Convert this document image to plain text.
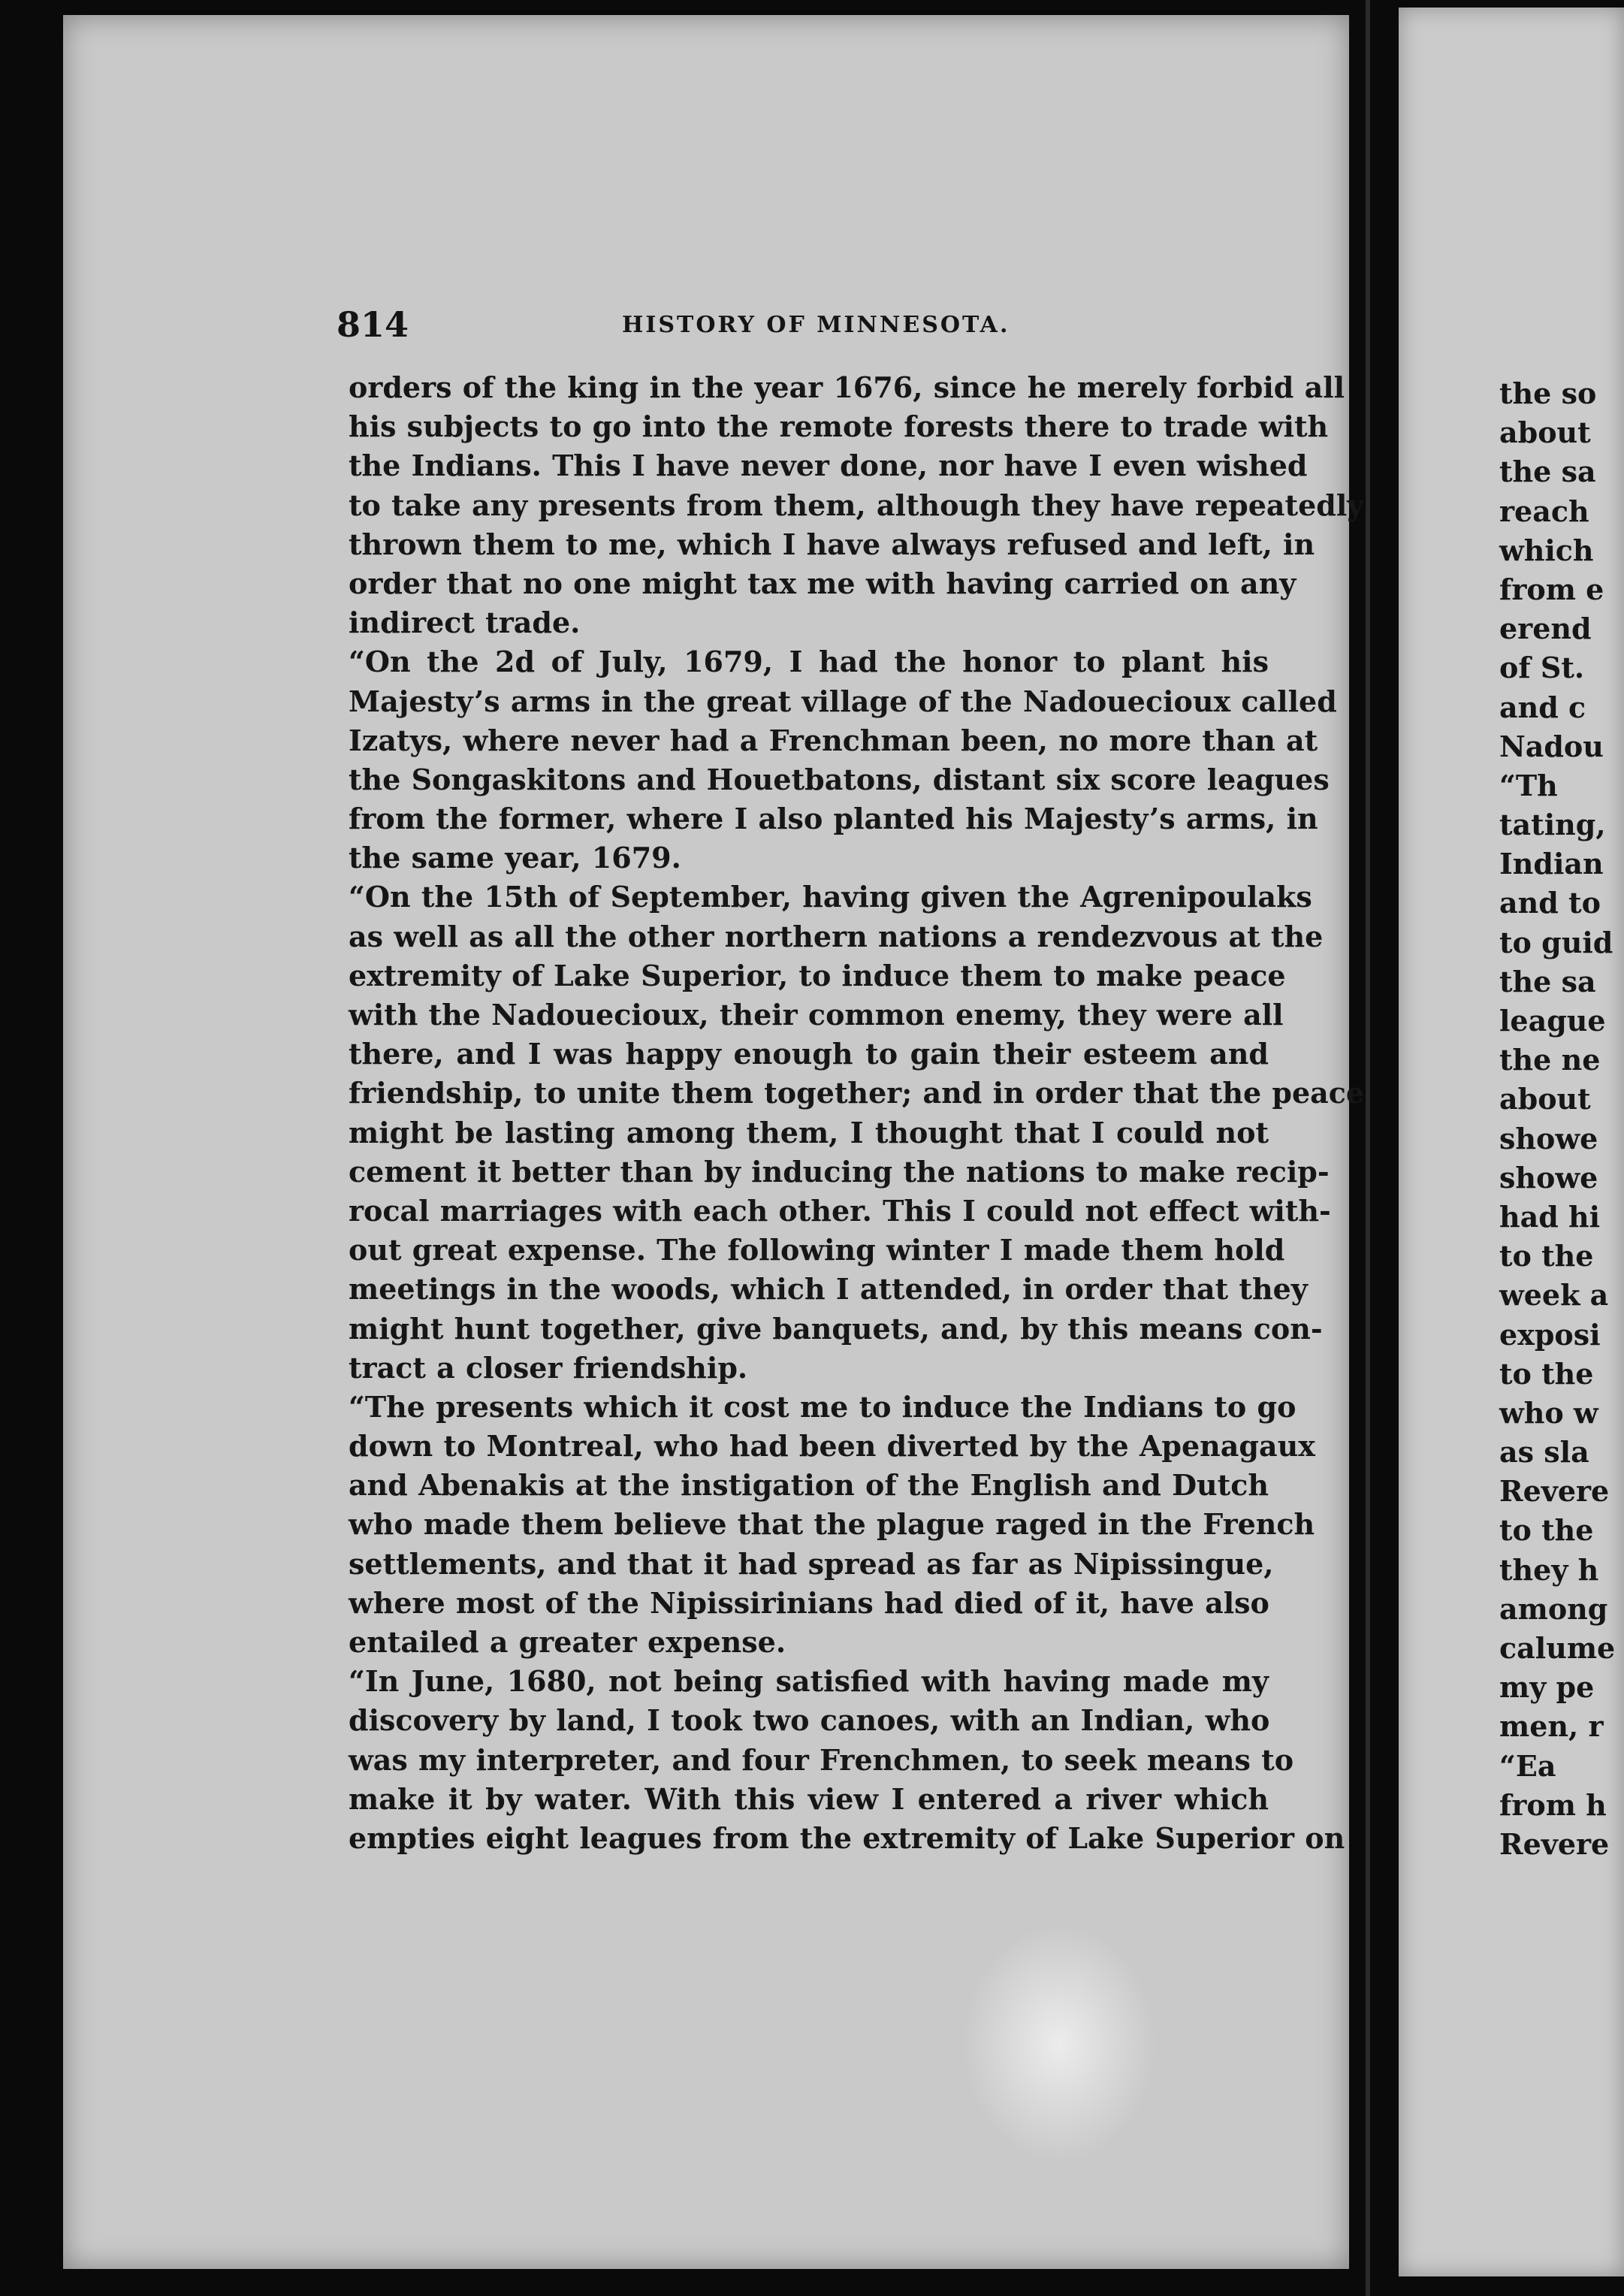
the so
about
the sa
reach
which
from e
erend
of St.
and c
Nadou
“Th
tating,
Indian
and to
to guid
the sa
league
the ne
about
showe
showe
had hi
to the
week a
exposi
to the
who w
as sla
Revere
to the
they h
among
calume
my pe
men, r
“Ea
from h
Revere
814	HISTORY OF MINNESOTA.
orders of the king in the year 1676, since he merely forbid all
his subjects to go into the remote forests there to trade with
the Indians. This I have never done, nor have I even wished
to take any presents from them, although they have repeatedly
thrown them to me, which I have always refused and left, in
order that no one might tax me with having carried on any
indirect trade.
“On the 2d of July, 1679, I had the honor to plant his
Majesty’s arms in the great village of the Nadouecioux called
Izatys, where never had a Frenchman been, no more than at
the Songaskitons and Houetbatons, distant six score leagues
from the former, where I also planted his Majesty’s arms, in
the same year, 1679.
“On the 15th of September, having given the Agrenipoulaks
as well as all the other northern nations a rendezvous at the
extremity of Lake Superior, to induce them to make peace
with the Nadouecioux, their common enemy, they were all
there, and I was happy enough to gain their esteem and
friendship, to unite them together; and in order that the peace
might be lasting among them, I thought that I could not
cement it better than by inducing the nations to make recip-
rocal marriages with each other. This I could not effect with-
out great expense. The following winter I made them hold
meetings in the woods, which I attended, in order that they
might hunt together, give banquets, and, by this means con-
tract a closer friendship.
“The presents which it cost me to induce the Indians to go
down to Montreal, who had been diverted by the Apenagaux
and Abenakis at the instigation of the English and Dutch
who made them believe that the plague raged in the French
settlements, and that it had spread as far as Nipissingue,
where most of the Nipissirinians had died of it, have also
entailed a greater expense.
“In June, 1680, not being satisfied with having made my
discovery by land, I took two canoes, with an Indian, who
was my interpreter, and four Frenchmen, to seek means to
make it by water. With this view I entered a river which
empties eight leagues from the extremity of Lake Superior on
